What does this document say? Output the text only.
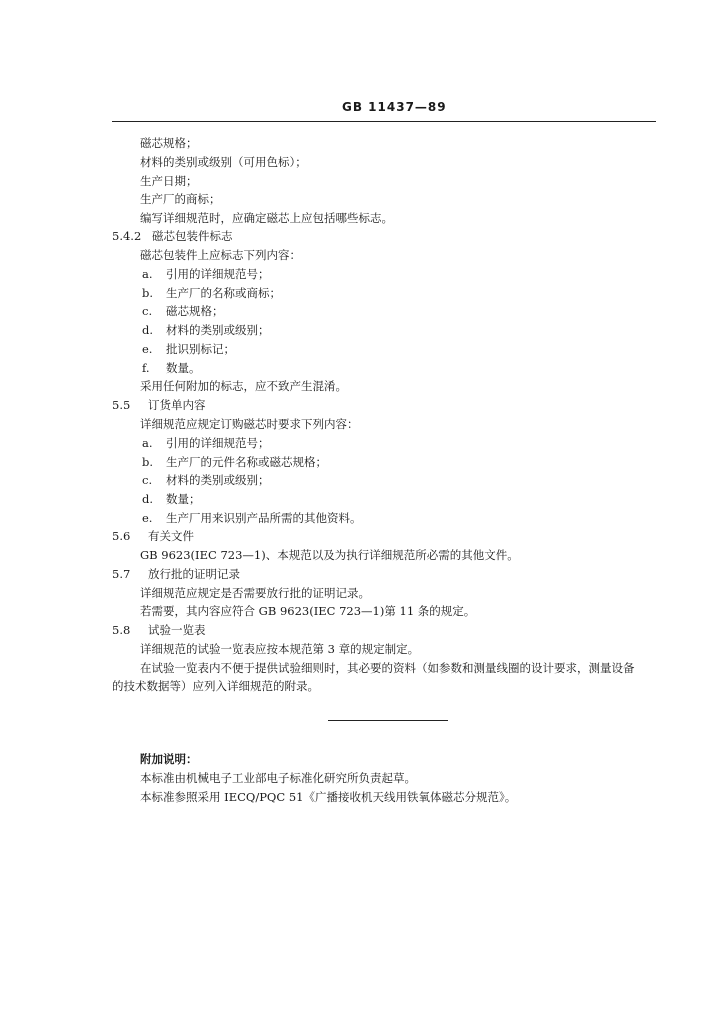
GB 11437—89
磁芯规格；
材料的类别或级别（可用色标）；
生产日期；
生产厂的商标；
编写详细规范时，应确定磁芯上应包括哪些标志。
5.4.2 磁芯包装件标志
磁芯包装件上应标志下列内容：
a.	引用的详细规范号；
b.	生产厂的名称或商标；
c.	磁芯规格；
d.	材料的类别或级别；
e.	批识别标记；
f.	数量。
采用任何附加的标志，应不致产生混淆。
5.5 订货单内容
详细规范应规定订购磁芯时要求下列内容：
a.	引用的详细规范号；
b.	生产厂的元件名称或磁芯规格；
c.	材料的类别或级别；
d.	数量；
e.	生产厂用来识别产品所需的其他资料。
5.6 有关文件
GB 9623(IEC 723—1)、本规范以及为执行详细规范所必需的其他文件。
5.7 放行批的证明记录
详细规范应规定是否需要放行批的证明记录。
若需要，其内容应符合 GB 9623(IEC 723—1)第 11 条的规定。
5.8 试验一览表
详细规范的试验一览表应按本规范第 3 章的规定制定。
在试验一览表内不便于提供试验细则时，其必要的资料（如参数和测量线圈的设计要求，测量设备
的技术数据等）应列入详细规范的附录。
附加说明：
本标准由机械电子工业部电子标准化研究所负责起草。
本标准参照采用 IECQ/PQC 51《广播接收机天线用铁氧体磁芯分规范》。
